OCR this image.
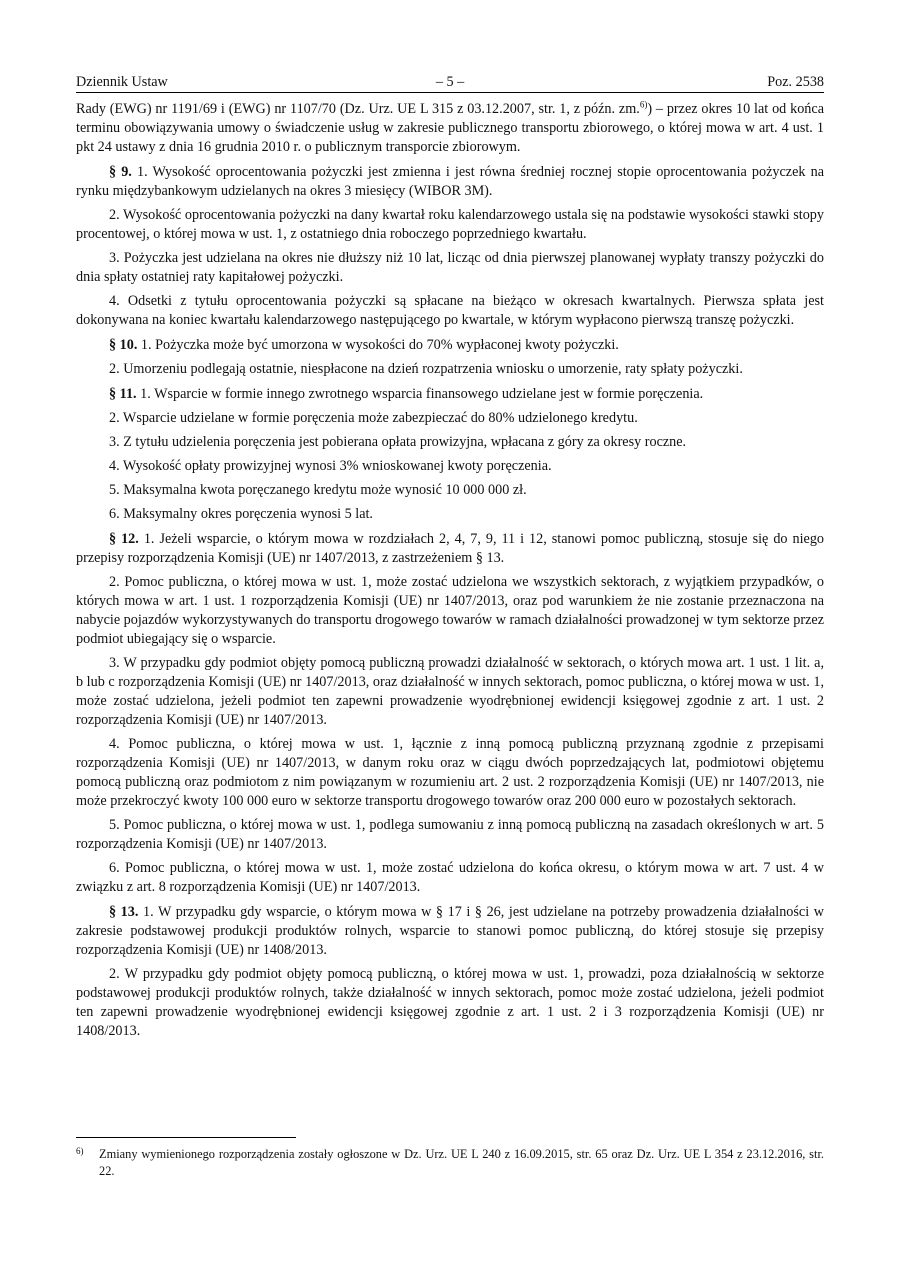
Dziennik Ustaw	– 5 –	Poz. 2538

Rady (EWG) nr 1191/69 i (EWG) nr 1107/70 (Dz. Urz. UE L 315 z 03.12.2007, str. 1, z późn. zm.$^{6)}$) – przez okres 10 lat od końca terminu obowiązywania umowy o świadczenie usług w zakresie publicznego transportu zbiorowego, o której mowa w art. 4 ust. 1 pkt 24 ustawy z dnia 16 grudnia 2010 r. o publicznym transporcie zbiorowym.

§ 9. 1. Wysokość oprocentowania pożyczki jest zmienna i jest równa średniej rocznej stopie oprocentowania pożyczek na rynku międzybankowym udzielanych na okres 3 miesięcy (WIBOR 3M).

2. Wysokość oprocentowania pożyczki na dany kwartał roku kalendarzowego ustala się na podstawie wysokości stawki stopy procentowej, o której mowa w ust. 1, z ostatniego dnia roboczego poprzedniego kwartału.

3. Pożyczka jest udzielana na okres nie dłuższy niż 10 lat, licząc od dnia pierwszej planowanej wypłaty transzy pożyczki do dnia spłaty ostatniej raty kapitałowej pożyczki.

4. Odsetki z tytułu oprocentowania pożyczki są spłacane na bieżąco w okresach kwartalnych. Pierwsza spłata jest dokonywana na koniec kwartału kalendarzowego następującego po kwartale, w którym wypłacono pierwszą transzę pożyczki.

§ 10. 1. Pożyczka może być umorzona w wysokości do 70% wypłaconej kwoty pożyczki.

2. Umorzeniu podlegają ostatnie, niespłacone na dzień rozpatrzenia wniosku o umorzenie, raty spłaty pożyczki.

§ 11. 1. Wsparcie w formie innego zwrotnego wsparcia finansowego udzielane jest w formie poręczenia.

2. Wsparcie udzielane w formie poręczenia może zabezpieczać do 80% udzielonego kredytu.

3. Z tytułu udzielenia poręczenia jest pobierana opłata prowizyjna, wpłacana z góry za okresy roczne.

4. Wysokość opłaty prowizyjnej wynosi 3% wnioskowanej kwoty poręczenia.

5. Maksymalna kwota poręczanego kredytu może wynosić 10 000 000 zł.

6. Maksymalny okres poręczenia wynosi 5 lat.

§ 12. 1. Jeżeli wsparcie, o którym mowa w rozdziałach 2, 4, 7, 9, 11 i 12, stanowi pomoc publiczną, stosuje się do niego przepisy rozporządzenia Komisji (UE) nr 1407/2013, z zastrzeżeniem § 13.

2. Pomoc publiczna, o której mowa w ust. 1, może zostać udzielona we wszystkich sektorach, z wyjątkiem przypadków, o których mowa w art. 1 ust. 1 rozporządzenia Komisji (UE) nr 1407/2013, oraz pod warunkiem że nie zostanie przeznaczona na nabycie pojazdów wykorzystywanych do transportu drogowego towarów w ramach działalności prowadzonej w tym sektorze przez podmiot ubiegający się o wsparcie.

3. W przypadku gdy podmiot objęty pomocą publiczną prowadzi działalność w sektorach, o których mowa art. 1 ust. 1 lit. a, b lub c rozporządzenia Komisji (UE) nr 1407/2013, oraz działalność w innych sektorach, pomoc publiczna, o której mowa w ust. 1, może zostać udzielona, jeżeli podmiot ten zapewni prowadzenie wyodrębnionej ewidencji księgowej zgodnie z art. 1 ust. 2 rozporządzenia Komisji (UE) nr 1407/2013.

4. Pomoc publiczna, o której mowa w ust. 1, łącznie z inną pomocą publiczną przyznaną zgodnie z przepisami rozporządzenia Komisji (UE) nr 1407/2013, w danym roku oraz w ciągu dwóch poprzedzających lat, podmiotowi objętemu pomocą publiczną oraz podmiotom z nim powiązanym w rozumieniu art. 2 ust. 2 rozporządzenia Komisji (UE) nr 1407/2013, nie może przekroczyć kwoty 100 000 euro w sektorze transportu drogowego towarów oraz 200 000 euro w pozostałych sektorach.

5. Pomoc publiczna, o której mowa w ust. 1, podlega sumowaniu z inną pomocą publiczną na zasadach określonych w art. 5 rozporządzenia Komisji (UE) nr 1407/2013.

6. Pomoc publiczna, o której mowa w ust. 1, może zostać udzielona do końca okresu, o którym mowa w art. 7 ust. 4 w związku z art. 8 rozporządzenia Komisji (UE) nr 1407/2013.

§ 13. 1. W przypadku gdy wsparcie, o którym mowa w § 17 i § 26, jest udzielane na potrzeby prowadzenia działalności w zakresie podstawowej produkcji produktów rolnych, wsparcie to stanowi pomoc publiczną, do której stosuje się przepisy rozporządzenia Komisji (UE) nr 1408/2013.

2. W przypadku gdy podmiot objęty pomocą publiczną, o której mowa w ust. 1, prowadzi, poza działalnością w sektorze podstawowej produkcji produktów rolnych, także działalność w innych sektorach, pomoc może zostać udzielona, jeżeli podmiot ten zapewni prowadzenie wyodrębnionej ewidencji księgowej zgodnie z art. 1 ust. 2 i 3 rozporządzenia Komisji (UE) nr 1408/2013.

6) Zmiany wymienionego rozporządzenia zostały ogłoszone w Dz. Urz. UE L 240 z 16.09.2015, str. 65 oraz Dz. Urz. UE L 354 z 23.12.2016, str. 22.
